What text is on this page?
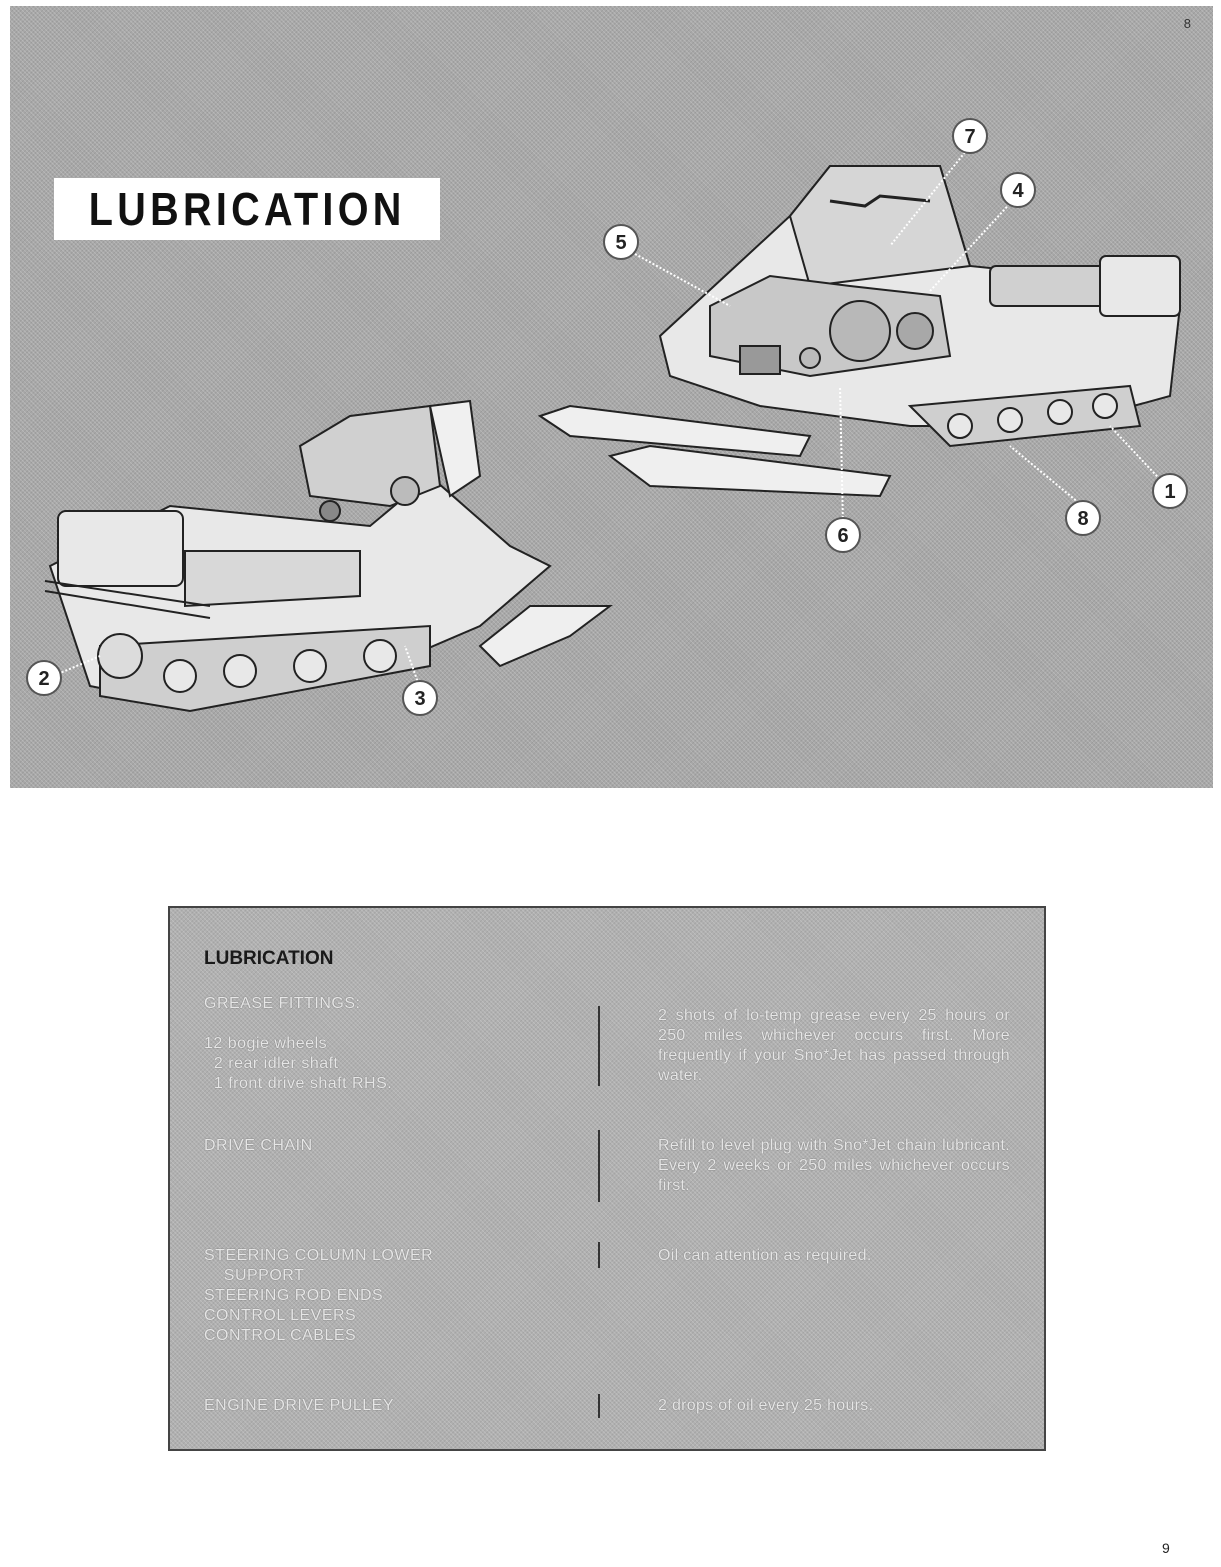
8
1
2
3
4
5
6
7
8
LUBRICATION
LUBRICATION
GREASE FITTINGS:

12 bogie wheels
2 rear idler shaft
1 front drive shaft RHS.
2 shots of lo-temp grease every 25 hours or 250 miles whichever occurs first. More frequently if your Sno*Jet has passed through water.
DRIVE CHAIN	Refill to level plug with Sno*Jet chain lubricant. Every 2 weeks or 250 miles whichever occurs first.
STEERING COLUMN LOWER
SUPPORT
STEERING ROD ENDS
CONTROL LEVERS
CONTROL CABLES
Oil can attention as required.
ENGINE DRIVE PULLEY	2 drops of oil every 25 hours.
9
